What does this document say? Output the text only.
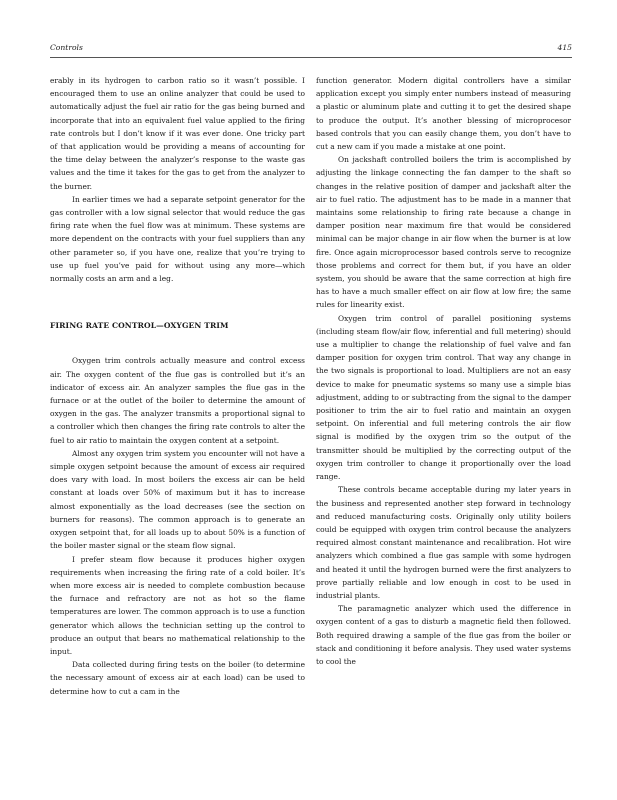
Controls	415

erably in its hydrogen to carbon ratio so it wasn’t possible. I encouraged them to use an online analyzer that could be used to automatically adjust the fuel air ratio for the gas being burned and incorporate that into an equivalent fuel value applied to the firing rate controls but I don’t know if it was ever done. One tricky part of that application would be providing a means of accounting for the time delay between the analyzer’s response to the waste gas values and the time it takes for the gas to get from the analyzer to the burner.

In earlier times we had a separate setpoint generator for the gas controller with a low signal selector that would reduce the gas firing rate when the fuel flow was at minimum. These systems are more dependent on the contracts with your fuel suppliers than any other parameter so, if you have one, realize that you’re trying to use up fuel you’ve paid for without using any more—which normally costs an arm and a leg.

FIRING RATE CONTROL—OXYGEN TRIM

Oxygen trim controls actually measure and control excess air. The oxygen content of the flue gas is controlled but it’s an indicator of excess air. An analyzer samples the flue gas in the furnace or at the outlet of the boiler to determine the amount of oxygen in the gas. The analyzer transmits a proportional signal to a controller which then changes the firing rate controls to alter the fuel to air ratio to maintain the oxygen content at a setpoint.

Almost any oxygen trim system you encounter will not have a simple oxygen setpoint because the amount of excess air required does vary with load. In most boilers the excess air can be held constant at loads over 50% of maximum but it has to increase almost exponentially as the load decreases (see the section on burners for reasons). The common approach is to generate an oxygen setpoint that, for all loads up to about 50% is a function of the boiler master signal or the steam flow signal.

I prefer steam flow because it produces higher oxygen requirements when increasing the firing rate of a cold boiler. It’s when more excess air is needed to complete combustion because the furnace and refractory are not as hot so the flame temperatures are lower. The common approach is to use a function generator which allows the technician setting up the control to produce an output that bears no mathematical relationship to the input.

Data collected during firing tests on the boiler (to determine the necessary amount of excess air at each load) can be used to determine how to cut a cam in the

function generator. Modern digital controllers have a similar application except you simply enter numbers instead of measuring a plastic or aluminum plate and cutting it to get the desired shape to produce the output. It’s another blessing of microprocesor based controls that you can easily change them, you don’t have to cut a new cam if you made a mistake at one point.

On jackshaft controlled boilers the trim is accomplished by adjusting the linkage connecting the fan damper to the shaft so changes in the relative position of damper and jackshaft alter the air to fuel ratio. The adjustment has to be made in a manner that maintains some relationship to firing rate because a change in damper position near maximum fire that would be considered minimal can be major change in air flow when the burner is at low fire. Once again microprocessor based controls serve to recognize those problems and correct for them but, if you have an older system, you should be aware that the same correction at high fire has to have a much smaller effect on air flow at low fire; the same rules for linearity exist.

Oxygen trim control of parallel positioning systems (including steam flow/air flow, inferential and full metering) should use a multiplier to change the relationship of fuel valve and fan damper position for oxygen trim control. That way any change in the two signals is proportional to load. Multipliers are not an easy device to make for pneumatic systems so many use a simple bias adjustment, adding to or subtracting from the signal to the damper positioner to trim the air to fuel ratio and maintain an oxygen setpoint. On inferential and full metering controls the air flow signal is modified by the oxygen trim so the output of the transmitter should be multiplied by the correcting output of the oxygen trim controller to change it proportionally over the load range.

These controls became acceptable during my later years in the business and represented another step forward in technology and reduced manufacturing costs. Originally only utility boilers could be equipped with oxygen trim control because the analyzers required almost constant maintenance and recalibration. Hot wire analyzers which combined a flue gas sample with some hydrogen and heated it until the hydrogen burned were the first analyzers to prove partially reliable and low enough in cost to be used in industrial plants.

The paramagnetic analyzer which used the difference in oxygen content of a gas to disturb a magnetic field then followed. Both required drawing a sample of the flue gas from the boiler or stack and conditioning it before analysis. They used water systems to cool the
